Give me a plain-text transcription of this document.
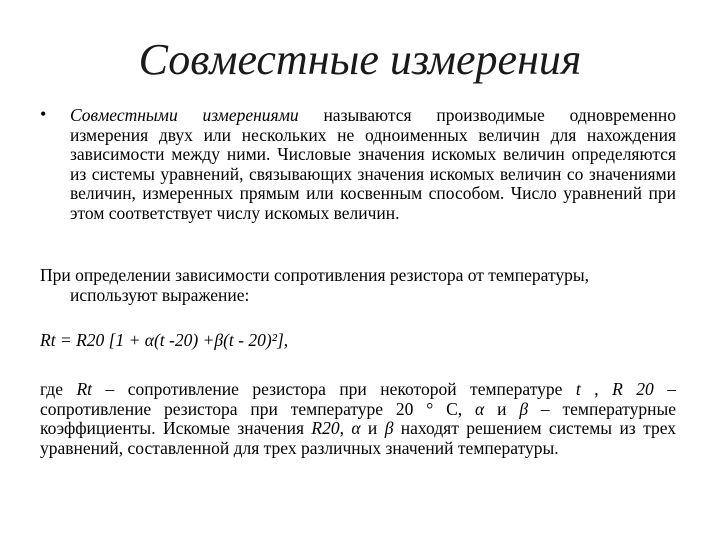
Совместные измерения
• Совместными измерениями называются производимые одновременно измерения двух или нескольких не одноименных величин для нахождения зависимости между ними. Числовые значения искомых величин определяются из системы уравнений, связывающих значения искомых величин со значениями величин, измеренных прямым или косвенным способом. Число уравнений при этом соответствует числу искомых величин.
При определении зависимости сопротивления резистора от температуры,
используют выражение:
Rt = R20 [1 + α(t -20) +β(t - 20)²],
где Rt – сопротивление резистора при некоторой температуре t , R 20 – сопротивление резистора при температуре 20 ° С, α и β – температурные коэффициенты. Искомые значения R20, α и β находят решением системы из трех уравнений, составленной для трех различных значений температуры.
